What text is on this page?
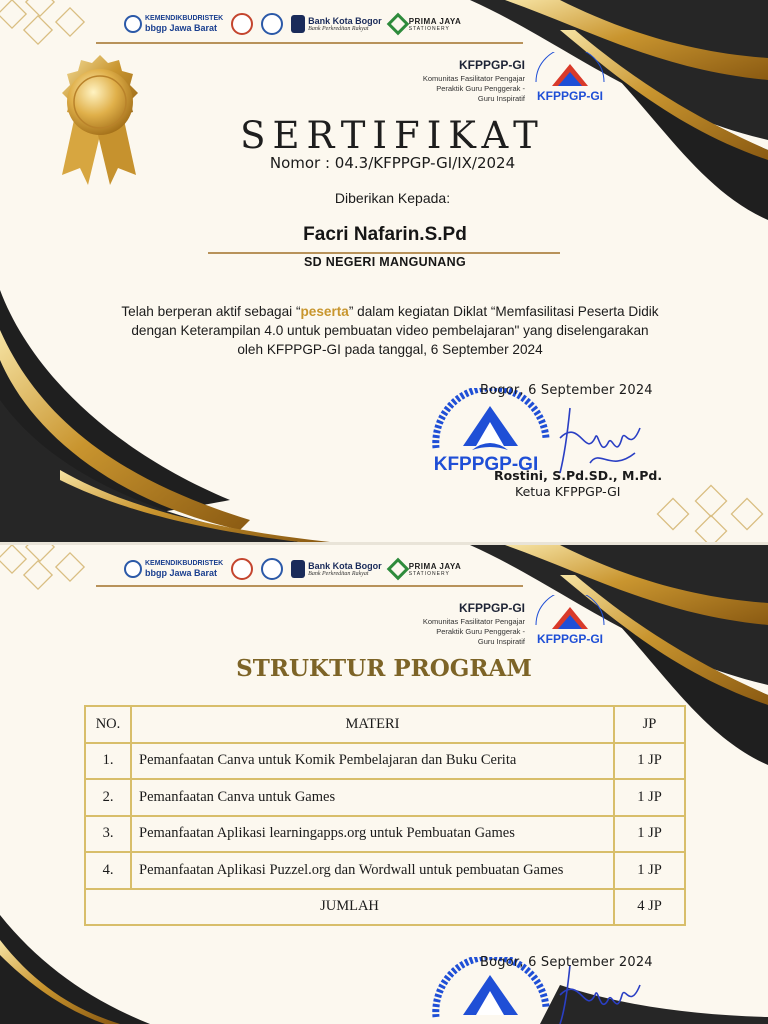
KEMENDIKBUDRISTEK
bbgp Jawa Barat
Bank Kota Bogor
Bank Perkreditan Rakyat
PRIMA JAYA
STATIONERY
KFPPGP-GI
Komunitas Fasilitator Pengajar
Peraktik Guru Penggerak -
Guru Inspiratif KFPPGP-GI
SERTIFIKAT
Nomor : 04.3/KFPPGP-GI/IX/2024
Diberikan Kepada:
Facri Nafarin.S.Pd
SD NEGERI MANGUNANG
Telah berperan aktif sebagai “peserta” dalam kegiatan Diklat “Memfasilitasi Peserta Didik dengan Keterampilan 4.0 untuk pembuatan video pembelajaran" yang diselengarakan oleh KFPPGP-GI pada tanggal, 6 September 2024
KFPPGP-GI
Bogor, 6 September 2024
Rostini, S.Pd.SD., M.Pd.
Ketua KFPPGP-GI
KEMENDIKBUDRISTEK
bbgp Jawa Barat
Bank Kota Bogor
Bank Perkreditan Rakyat
PRIMA JAYA
STATIONERY
KFPPGP-GI
Komunitas Fasilitator Pengajar
Peraktik Guru Penggerak -
Guru Inspiratif KFPPGP-GI
STRUKTUR PROGRAM
NO.	MATERI	JP
1.	Pemanfaatan Canva untuk Komik Pembelajaran dan Buku Cerita	1 JP
2.	Pemanfaatan Canva untuk Games	1 JP
3.	Pemanfaatan Aplikasi learningapps.org untuk Pembuatan Games	1 JP
4.	Pemanfaatan Aplikasi Puzzel.org dan Wordwall untuk pembuatan Games	1 JP
JUMLAH		4 JP
Bogor, 6 September 2024
